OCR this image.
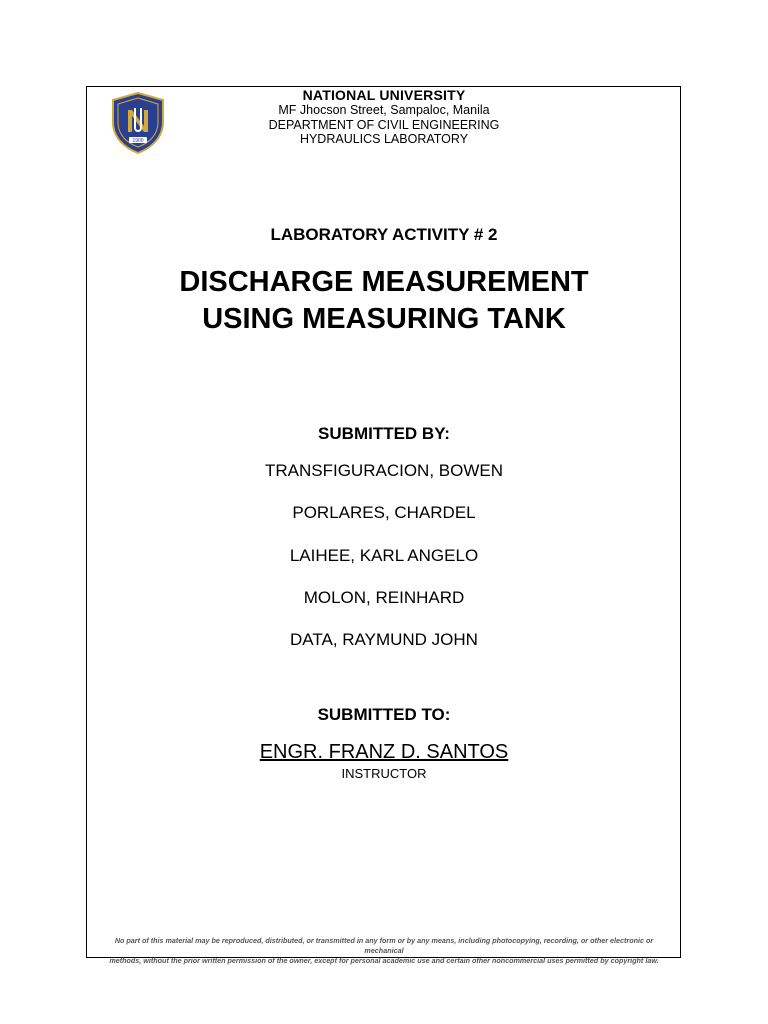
1900
NATIONAL UNIVERSITY
MF Jhocson Street, Sampaloc, Manila
DEPARTMENT OF CIVIL ENGINEERING
HYDRAULICS LABORATORY
LABORATORY ACTIVITY # 2
DISCHARGE MEASUREMENT
USING MEASURING TANK
SUBMITTED BY:
TRANSFIGURACION, BOWEN
PORLARES, CHARDEL
LAIHEE, KARL ANGELO
MOLON, REINHARD
DATA, RAYMUND JOHN
SUBMITTED TO:
ENGR. FRANZ D. SANTOS
INSTRUCTOR
No part of this material may be reproduced, distributed, or transmitted in any form or by any means, including photocopying, recording, or other electronic or mechanical
methods, without the prior written permission of the owner, except for personal academic use and certain other noncommercial uses permitted by copyright law.
